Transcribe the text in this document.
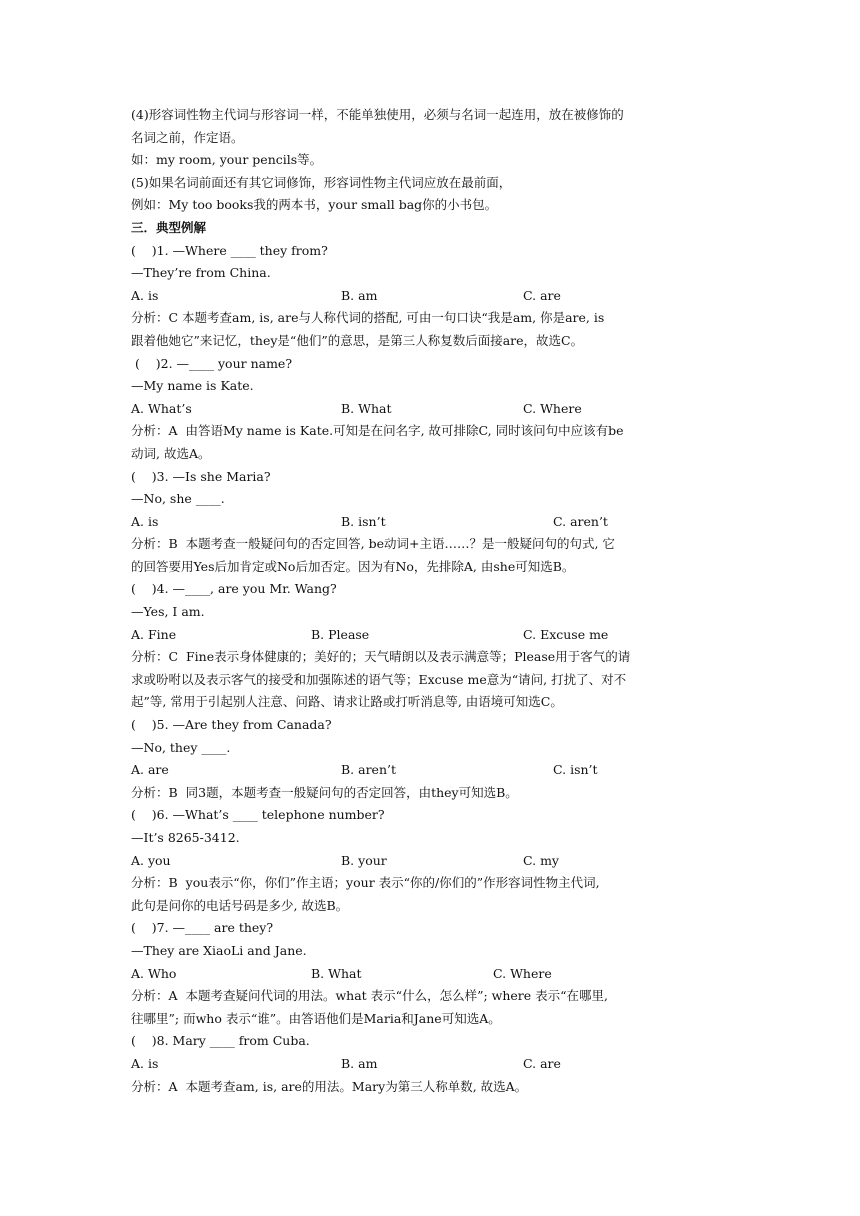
(4)形容词性物主代词与形容词一样，不能单独使用，必须与名词一起连用，放在被修饰的
名词之前，作定语。
如：my room, your pencils等。
(5)如果名词前面还有其它词修饰，形容词性物主代词应放在最前面，
例如：My too books我的两本书，your small bag你的小书包。
三．典型例解
(    )1. —Where ____ they from?
—They’re from China.

A. is

	B. am

	C. are

分析：C 本题考查am, is, are与人称代词的搭配, 可由一句口诀“我是am, 你是are, is
跟着他她它”来记忆，they是“他们”的意思，是第三人称复数后面接are，故选C。
(    )2. —____ your name?
—My name is Kate.

A. What’s

	B. What

	C. Where

分析：A  由答语My name is Kate.可知是在问名字, 故可排除C, 同时该问句中应该有be
动词, 故选A。
(    )3. —Is she Maria?
—No, she ____.

A. is

	B. isn’t

	C. aren’t

分析：B  本题考查一般疑问句的否定回答, be动词+主语……？是一般疑问句的句式, 它
的回答要用Yes后加肯定或No后加否定。因为有No，先排除A, 由she可知选B。
(    )4. —____, are you Mr. Wang?
—Yes, I am.

A. Fine

	B. Please

	C. Excuse me

分析：C  Fine表示身体健康的；美好的；天气晴朗以及表示满意等；Please用于客气的请
求或吩咐以及表示客气的接受和加强陈述的语气等；Excuse me意为“请问, 打扰了、对不
起”等, 常用于引起别人注意、问路、请求让路或打听消息等, 由语境可知选C。
(    )5. —Are they from Canada?
—No, they ____.

A. are

	B. aren’t

	C. isn’t

分析：B  同3题，本题考查一般疑问句的否定回答，由they可知选B。
(    )6. —What’s ____ telephone number?
—It’s 8265-3412.

A. you

	B. your

	C. my

分析：B  you表示“你，你们”作主语；your 表示“你的/你们的”作形容词性物主代词,
此句是问你的电话号码是多少, 故选B。
(    )7. —____ are they?
—They are XiaoLi and Jane.

A. Who

	B. What

	C. Where

分析：A  本题考查疑问代词的用法。what 表示“什么，怎么样”; where 表示“在哪里,
往哪里”; 而who 表示“谁”。由答语他们是Maria和Jane可知选A。
(    )8. Mary ____ from Cuba.

A. is

	B. am

	C. are

分析：A  本题考查am, is, are的用法。Mary为第三人称单数, 故选A。
